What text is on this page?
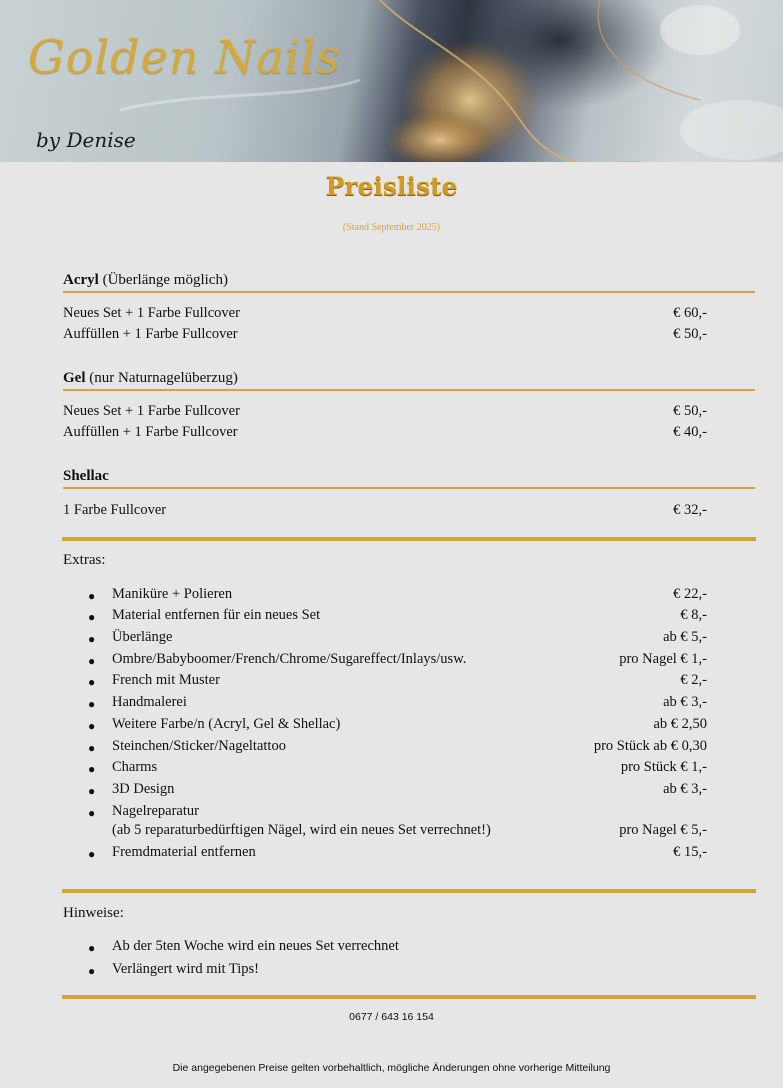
Golden Nails
by Denise
Preisliste
(Stand September 2025)
Acryl (Überlänge möglich)
Neues Set + 1 Farbe Fullcover	€ 60,-
Auffüllen + 1 Farbe Fullcover	€ 50,-
Gel (nur Naturnagelüberzug)
Neues Set + 1 Farbe Fullcover	€ 50,-
Auffüllen + 1 Farbe Fullcover	€ 40,-
Shellac
1 Farbe Fullcover	€ 32,-
Extras:
● Maniküre + Polieren	€ 22,-
● Material entfernen für ein neues Set	€ 8,-
● Überlänge	ab € 5,-
● Ombre/Babyboomer/French/Chrome/Sugareffect/Inlays/usw.	pro Nagel € 1,-
● French mit Muster	€ 2,-
● Handmalerei	ab € 3,-
● Weitere Farbe/n (Acryl, Gel & Shellac)	ab € 2,50
● Steinchen/Sticker/Nageltattoo	pro Stück ab € 0,30
● Charms	pro Stück € 1,-
● 3D Design	ab € 3,-
● Nagelreparatur
(ab 5 reparaturbedürftigen Nägel, wird ein neues Set verrechnet!)	pro Nagel € 5,-
● Fremdmaterial entfernen	€ 15,-
Hinweise:
● Ab der 5ten Woche wird ein neues Set verrechnet
● Verlängert wird mit Tips!
0677 / 643 16 154
Die angegebenen Preise gelten vorbehaltlich, mögliche Änderungen ohne vorherige Mitteilung
